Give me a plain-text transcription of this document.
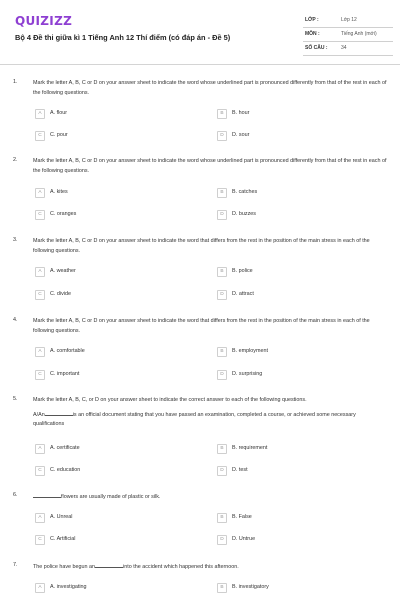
QUIZIZZ
Bộ 4 Đề thi giữa kì 1 Tiếng Anh 12 Thí điểm (có đáp án - Đề 5)
LỚP :	Lớp 12
MÔN :	Tiếng Anh (mới)
SỐ CÂU :	34
1.	Mark the letter A, B, C or D on your answer sheet to indicate the word whose underlined part is pronounced differently from that of the rest in each of the following questions.
A	A. flour	B	B. hour
C	C. pour	D	D. sour
2.	Mark the letter A, B, C or D on your answer sheet to indicate the word whose underlined part is pronounced differently from that of the rest in each of the following questions.
A	A. kites	B	B. catches
C	C. oranges	D	D. buzzes
3.	Mark the letter A, B, C or D on your answer sheet to indicate the word that differs from the rest in the position of the main stress in each of the following questions.
A	A. weather	B	B. police
C	C. divide	D	D. attract
4.	Mark the letter A, B, C or D on your answer sheet to indicate the word that differs from the rest in the position of the main stress in each of the following questions.
A	A. comfortable	B	B. employment
C	C. important	D	D. surprising
5.	Mark the letter A, B, C, or D on your answer sheet to indicate the correct answer to each of the following questions.
A/An	is an official document stating that you have passed an examination, completed a course, or achieved some necessary qualifications
A	A. certificate	B	B. requirement
C	C. education	D	D. test
6.	flowers are usually made of plastic or silk.
A	A. Unreal	B	B. False
C	C. Artificial	D	D. Untrue
7.	The police have begun an	into the accident which happened this afternoon.
A	A. investigating	B	B. investigatory
